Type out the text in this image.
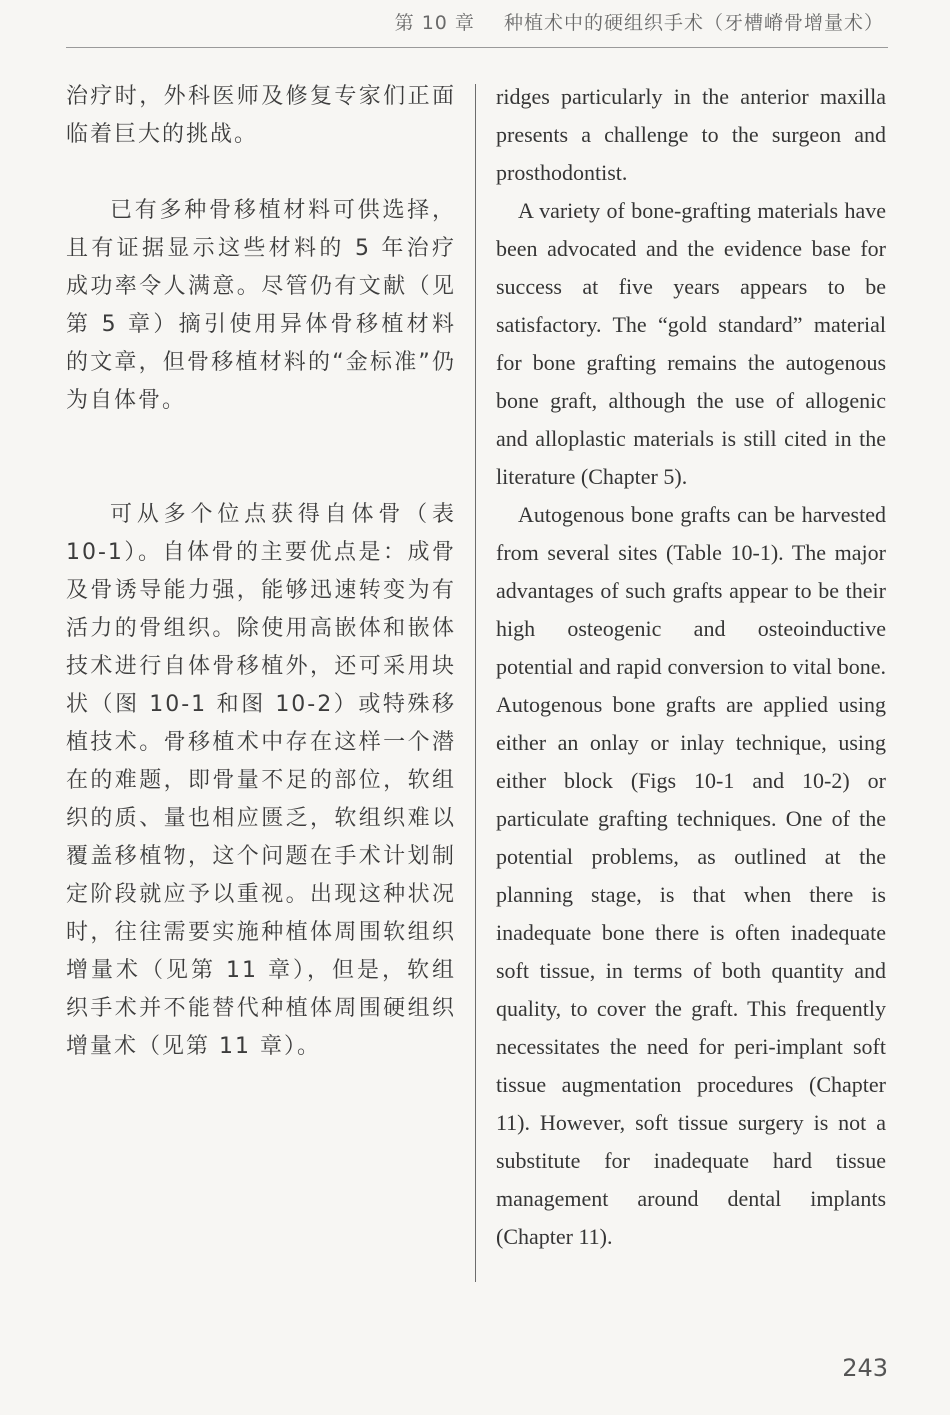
第 10 章 种植术中的硬组织手术（牙槽嵴骨增量术）

治疗时，外科医师及修复专家们正面临着巨大的挑战。

已有多种骨移植材料可供选择，且有证据显示这些材料的 5 年治疗成功率令人满意。尽管仍有文献（见第 5 章）摘引使用异体骨移植材料的文章，但骨移植材料的“金标准”仍为自体骨。

可从多个位点获得自体骨（表 10-1）。自体骨的主要优点是：成骨及骨诱导能力强，能够迅速转变为有活力的骨组织。除使用高嵌体和嵌体技术进行自体骨移植外，还可采用块状（图 10-1 和图 10-2）或特殊移植技术。骨移植术中存在这样一个潜在的难题，即骨量不足的部位，软组织的质、量也相应匮乏，软组织难以覆盖移植物，这个问题在手术计划制定阶段就应予以重视。出现这种状况时，往往需要实施种植体周围软组织增量术（见第 11 章），但是，软组织手术并不能替代种植体周围硬组织增量术（见第 11 章）。

ridges particularly in the anterior maxilla presents a challenge to the surgeon and prosthodontist.

A variety of bone-grafting materials have been advocated and the evidence base for success at five years appears to be satisfactory. The “gold standard” material for bone grafting remains the autogenous bone graft, although the use of allogenic and alloplastic materials is still cited in the literature (Chapter 5).

Autogenous bone grafts can be harvested from several sites (Table 10-1). The major advantages of such grafts appear to be their high osteogenic and osteoinductive potential and rapid conversion to vital bone. Autogenous bone grafts are applied using either an onlay or inlay technique, using either block (Figs 10-1 and 10-2) or particulate grafting techniques. One of the potential problems, as outlined at the planning stage, is that when there is inadequate bone there is often inadequate soft tissue, in terms of both quantity and quality, to cover the graft. This frequently necessitates the need for peri-implant soft tissue augmentation procedures (Chapter 11). However, soft tissue surgery is not a substitute for inadequate hard tissue management around dental implants (Chapter 11).

243
